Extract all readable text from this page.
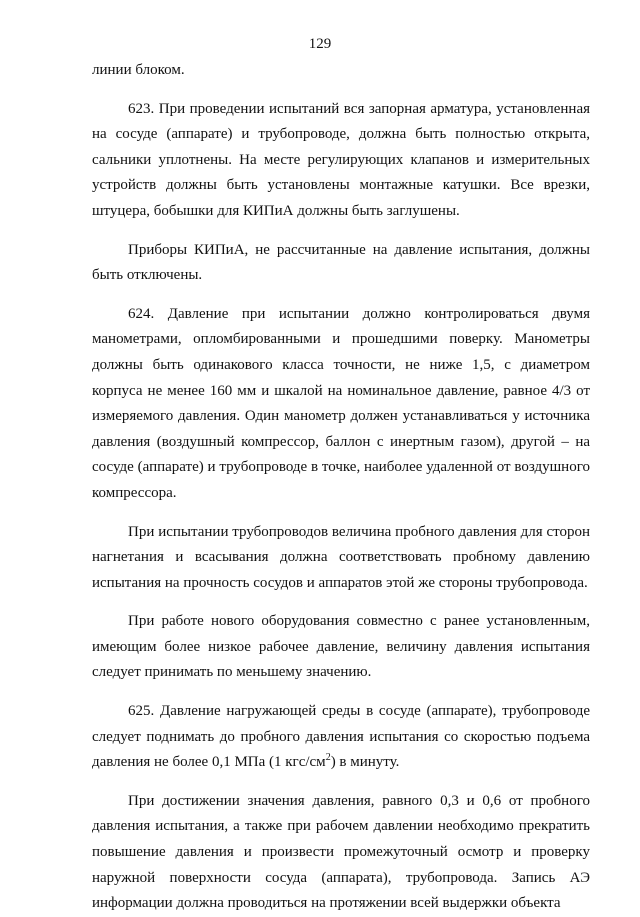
129

линии блоком.

623. При проведении испытаний вся запорная арматура, установленная на сосуде (аппарате) и трубопроводе, должна быть полностью открыта, сальники уплотнены. На месте регулирующих клапанов и измерительных устройств должны быть установлены монтажные катушки. Все врезки, штуцера, бобышки для КИПиА должны быть заглушены.

Приборы КИПиА, не рассчитанные на давление испытания, должны быть отключены.

624. Давление при испытании должно контролироваться двумя манометрами, опломбированными и прошедшими поверку. Манометры должны быть одинакового класса точности, не ниже 1,5, с диаметром корпуса не менее 160 мм и шкалой на номинальное давление, равное 4/3 от измеряемого давления. Один манометр должен устанавливаться у источника давления (воздушный компрессор, баллон с инертным газом), другой – на сосуде (аппарате) и трубопроводе в точке, наиболее удаленной от воздушного компрессора.

При испытании трубопроводов величина пробного давления для сторон нагнетания и всасывания должна соответствовать пробному давлению испытания на прочность сосудов и аппаратов этой же стороны трубопровода.

При работе нового оборудования совместно с ранее установленным, имеющим более низкое рабочее давление, величину давления испытания следует принимать по меньшему значению.

625. Давление нагружающей среды в сосуде (аппарате), трубопроводе следует поднимать до пробного давления испытания со скоростью подъема давления не более 0,1 МПа (1 кгс/$см^2$) в минуту.

При достижении значения давления, равного 0,3 и 0,6 от пробного давления испытания, а также при рабочем давлении необходимо прекратить повышение давления и произвести промежуточный осмотр и проверку наружной поверхности сосуда (аппарата), трубопровода. Запись АЭ информации должна проводиться на протяжении всей выдержки объекта
